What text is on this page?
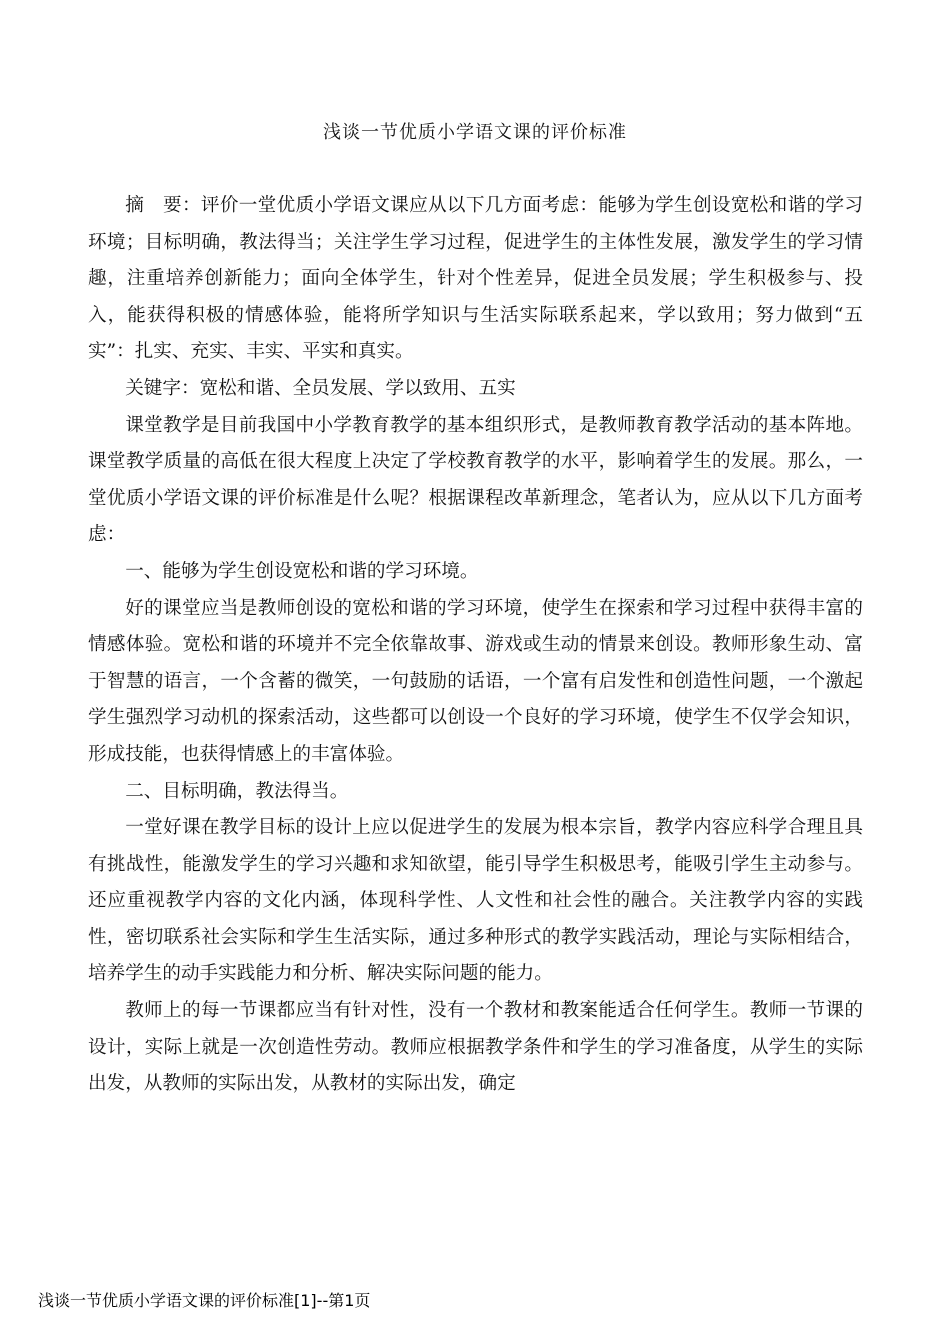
浅谈一节优质小学语文课的评价标准

摘　要：评价一堂优质小学语文课应从以下几方面考虑：能够为学生创设宽松和谐的学习环境；目标明确，教法得当；关注学生学习过程，促进学生的主体性发展，激发学生的学习情趣，注重培养创新能力；面向全体学生，针对个性差异，促进全员发展；学生积极参与、投入，能获得积极的情感体验，能将所学知识与生活实际联系起来，学以致用；努力做到“五实”：扎实、充实、丰实、平实和真实。

关键字：宽松和谐、全员发展、学以致用、五实

课堂教学是目前我国中小学教育教学的基本组织形式，是教师教育教学活动的基本阵地。课堂教学质量的高低在很大程度上决定了学校教育教学的水平，影响着学生的发展。那么，一堂优质小学语文课的评价标准是什么呢？根据课程改革新理念，笔者认为，应从以下几方面考虑：

一、能够为学生创设宽松和谐的学习环境。

好的课堂应当是教师创设的宽松和谐的学习环境，使学生在探索和学习过程中获得丰富的情感体验。宽松和谐的环境并不完全依靠故事、游戏或生动的情景来创设。教师形象生动、富于智慧的语言，一个含蓄的微笑，一句鼓励的话语，一个富有启发性和创造性问题，一个激起学生强烈学习动机的探索活动，这些都可以创设一个良好的学习环境，使学生不仅学会知识，形成技能，也获得情感上的丰富体验。

二、目标明确，教法得当。

一堂好课在教学目标的设计上应以促进学生的发展为根本宗旨，教学内容应科学合理且具有挑战性，能激发学生的学习兴趣和求知欲望，能引导学生积极思考，能吸引学生主动参与。还应重视教学内容的文化内涵，体现科学性、人文性和社会性的融合。关注教学内容的实践性，密切联系社会实际和学生生活实际，通过多种形式的教学实践活动，理论与实际相结合，培养学生的动手实践能力和分析、解决实际问题的能力。

教师上的每一节课都应当有针对性，没有一个教材和教案能适合任何学生。教师一节课的设计，实际上就是一次创造性劳动。教师应根据教学条件和学生的学习准备度，从学生的实际出发，从教师的实际出发，从教材的实际出发，确定

浅谈一节优质小学语文课的评价标准[1]--第1页
